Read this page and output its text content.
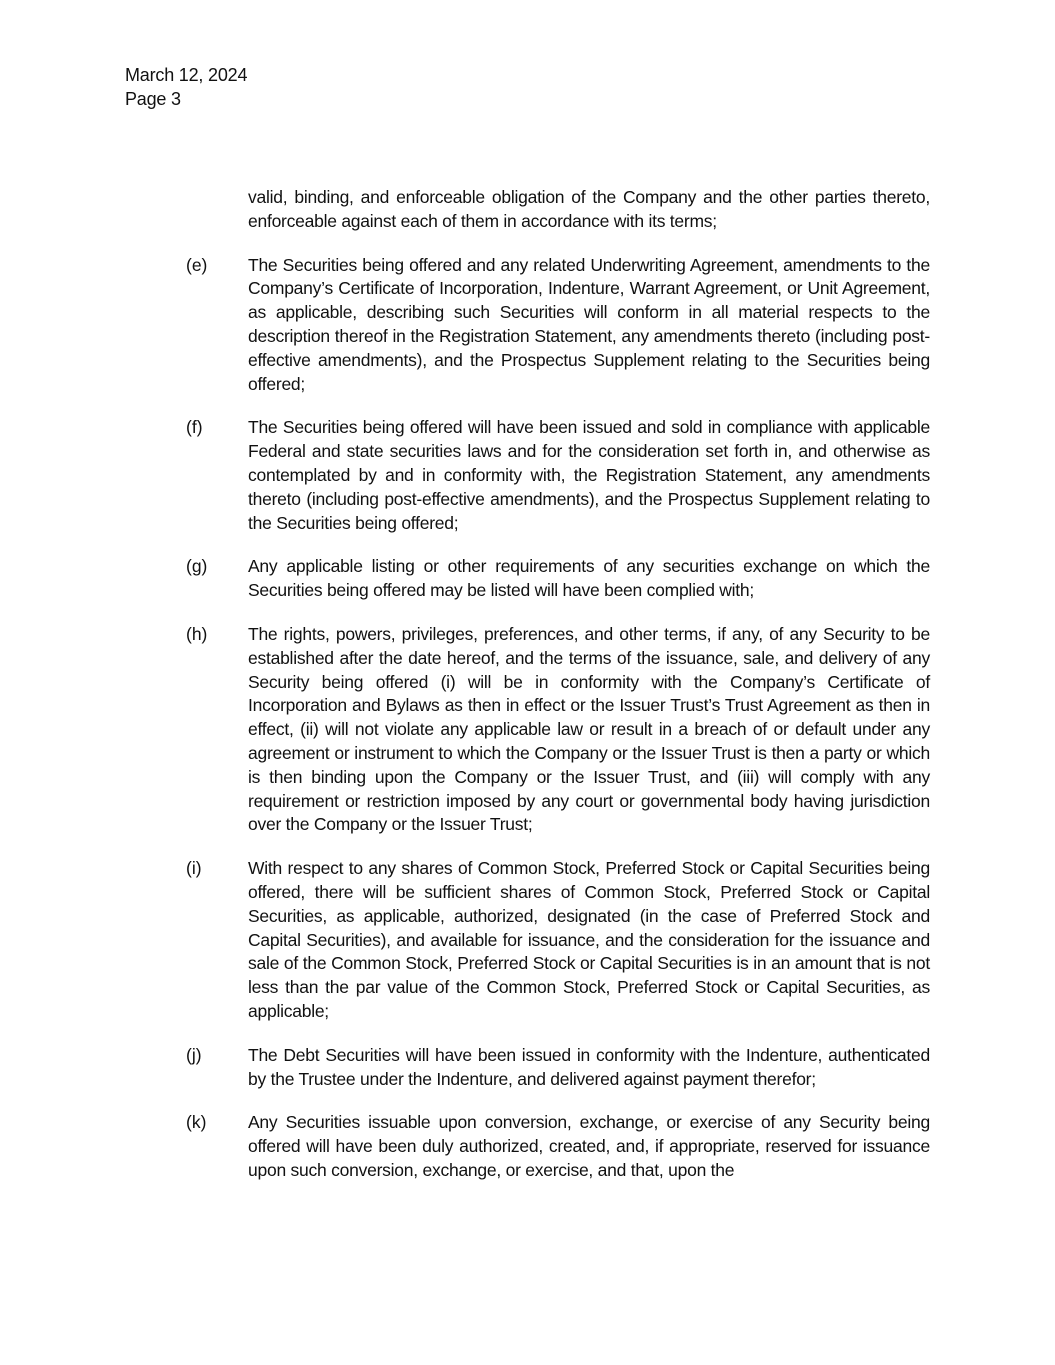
March 12, 2024
Page 3
valid, binding, and enforceable obligation of the Company and the other parties thereto, enforceable against each of them in accordance with its terms;
(e) The Securities being offered and any related Underwriting Agreement, amendments to the Company’s Certificate of Incorporation, Indenture, Warrant Agreement, or Unit Agreement, as applicable, describing such Securities will conform in all material respects to the description thereof in the Registration Statement, any amendments thereto (including post-effective amendments), and the Prospectus Supplement relating to the Securities being offered;
(f)	The Securities being offered will have been issued and sold in compliance with applicable Federal and state securities laws and for the consideration set forth in, and otherwise as contemplated by and in conformity with, the Registration Statement, any amendments thereto (including post-effective amendments), and the Prospectus Supplement relating to the Securities being offered;
(g) Any applicable listing or other requirements of any securities exchange on which the Securities being offered may be listed will have been complied with;
(h) The rights, powers, privileges, preferences, and other terms, if any, of any Security to be established after the date hereof, and the terms of the issuance, sale, and delivery of any Security being offered (i) will be in conformity with the Company’s Certificate of Incorporation and Bylaws as then in effect or the Issuer Trust’s Trust Agreement as then in effect, (ii) will not violate any applicable law or result in a breach of or default under any agreement or instrument to which the Company or the Issuer Trust is then a party or which is then binding upon the Company or the Issuer Trust, and (iii) will comply with any requirement or restriction imposed by any court or governmental body having jurisdiction over the Company or the Issuer Trust;
(i)	With respect to any shares of Common Stock, Preferred Stock or Capital Securities being offered, there will be sufficient shares of Common Stock, Preferred Stock or Capital Securities, as applicable, authorized, designated (in the case of Preferred Stock and Capital Securities), and available for issuance, and the consideration for the issuance and sale of the Common Stock, Preferred Stock or Capital Securities is in an amount that is not less than the par value of the Common Stock, Preferred Stock or Capital Securities, as applicable;
(j)	The Debt Securities will have been issued in conformity with the Indenture, authenticated by the Trustee under the Indenture, and delivered against payment therefor;
(k) Any Securities issuable upon conversion, exchange, or exercise of any Security being offered will have been duly authorized, created, and, if appropriate, reserved for issuance upon such conversion, exchange, or exercise, and that, upon the
